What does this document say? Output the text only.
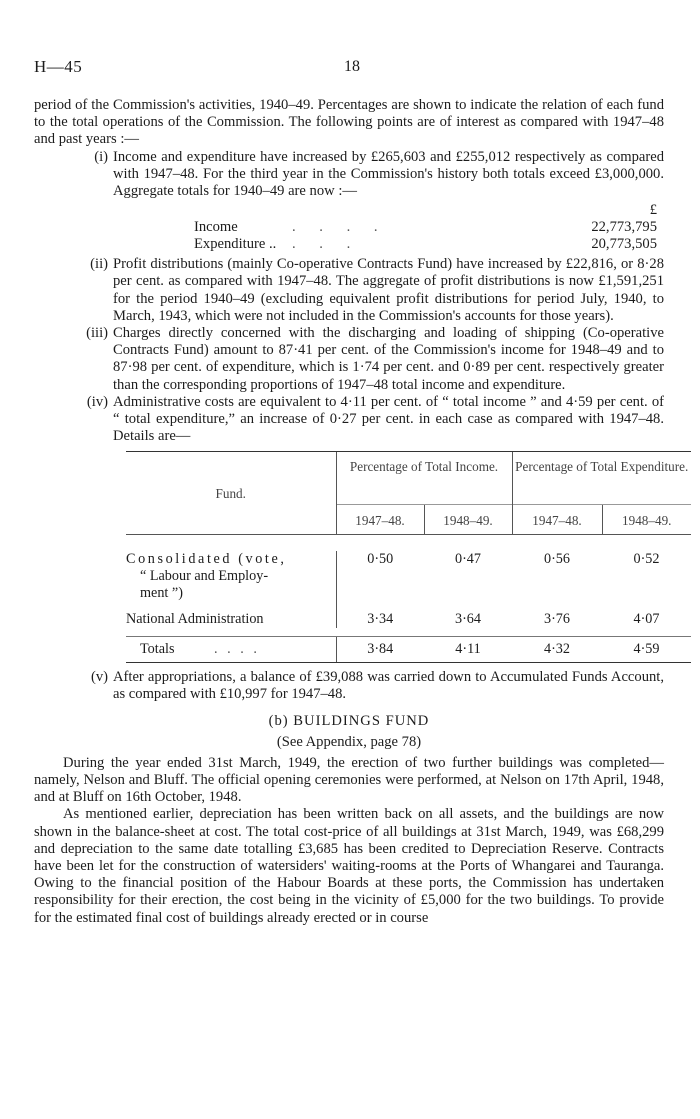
H—45	18

period of the Commission's activities, 1940–49. Percentages are shown to indicate the relation of each fund to the total operations of the Commission. The following points are of interest as compared with 1947–48 and past years :—

(i) Income and expenditure have increased by £265,603 and £255,012 respectively as compared with 1947–48. For the third year in the Commission's history both totals exceed £3,000,000. Aggregate totals for 1940–49 are now :—
£
Income	. . . .	22,773,795
Expenditure ..	. . .	20,773,505
(ii) Profit distributions (mainly Co-operative Contracts Fund) have increased by £22,816, or 8·28 per cent. as compared with 1947–48. The aggregate of profit distributions is now £1,591,251 for the period 1940–49 (excluding equivalent profit distributions for period July, 1940, to March, 1943, which were not included in the Commission's accounts for those years).
(iii) Charges directly concerned with the discharging and loading of shipping (Co-operative Contracts Fund) amount to 87·41 per cent. of the Commission's income for 1948–49 and to 87·98 per cent. of expenditure, which is 1·74 per cent. and 0·89 per cent. respectively greater than the corresponding proportions of 1947–48 total income and expenditure.
(iv) Administrative costs are equivalent to 4·11 per cent. of “ total income ” and 4·59 per cent. of “ total expenditure,” an increase of 0·27 per cent. in each case as compared with 1947–48. Details are—

Fund.	Percentage of Total Income.		Percentage of Total Expenditure.	
	1947–48.	1948–49.	1947–48.	1948–49.

Consolidated (vote,
“ Labour and Employ-
ment ”)	0·50	0·47	0·56	0·52
National Administration	3·34	3·64	3·76	4·07

Totals . . . .	3·84	4·11	4·32	4·59
(v) After appropriations, a balance of £39,088 was carried down to Accumulated Funds Account, as compared with £10,997 for 1947–48.
(b) BUILDINGS FUND
(See Appendix, page 78)

During the year ended 31st March, 1949, the erection of two further buildings was completed—namely, Nelson and Bluff. The official opening ceremonies were performed, at Nelson on 17th April, 1948, and at Bluff on 16th October, 1948.

As mentioned earlier, depreciation has been written back on all assets, and the buildings are now shown in the balance-sheet at cost. The total cost-price of all buildings at 31st March, 1949, was £68,299 and depreciation to the same date totalling £3,685 has been credited to Depreciation Reserve. Contracts have been let for the construction of watersiders' waiting-rooms at the Ports of Whangarei and Tauranga. Owing to the financial position of the Habour Boards at these ports, the Commission has undertaken responsibility for their erection, the cost being in the vicinity of £5,000 for the two buildings. To provide for the estimated final cost of buildings already erected or in course
